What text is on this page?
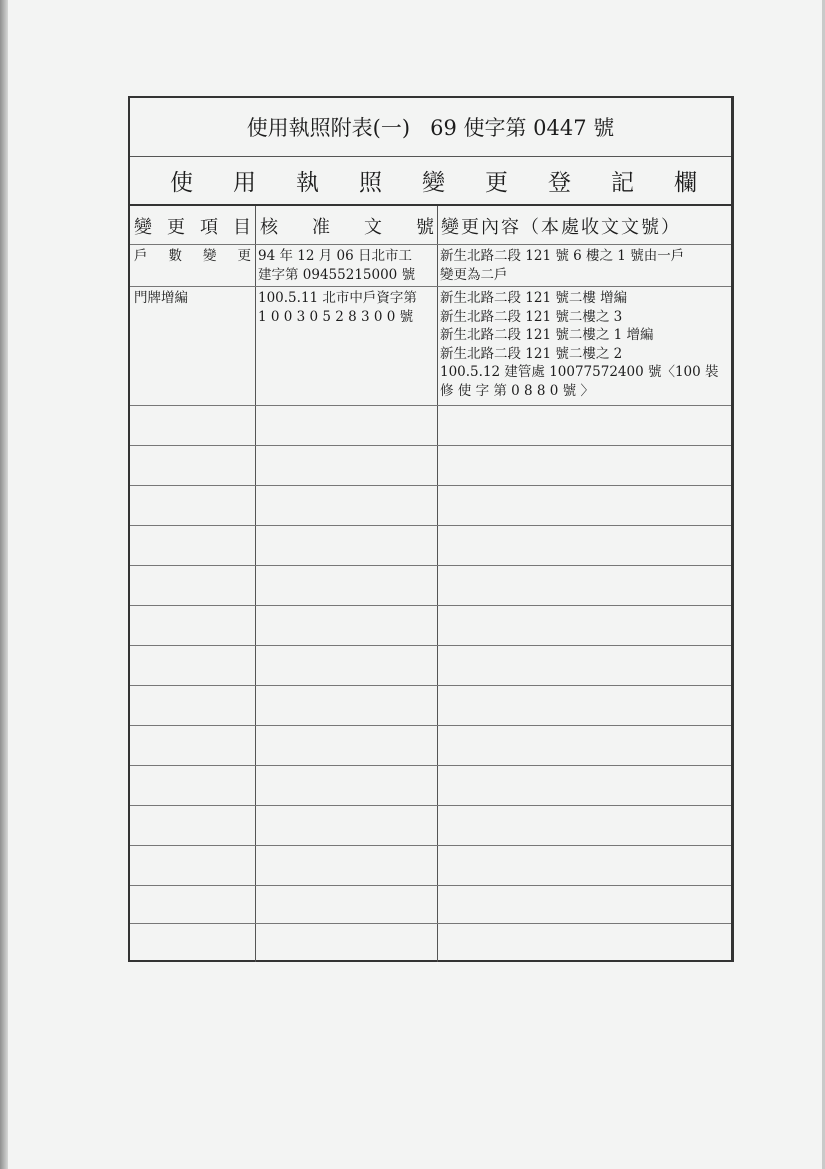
使用執照附表(一)   69 使字第 0447 號
使 用 執 照 變 更 登 記 欄
變 更 項 目 核 准 文 號 變更內容（本處收文文號）
戶 數 變 更 94 年 12 月 06 日北市工
建字第 09455215000 號
新生北路二段 121 號 6 樓之 1 號由一戶
變更為二戶
門牌增編	100.5.11 北市中戶資字第
1 0 0 3 0 5 2 8 3 0 0 號
新生北路二段 121 號二樓 增編
新生北路二段 121 號二樓之 3
新生北路二段 121 號二樓之 1 增編
新生北路二段 121 號二樓之 2
100.5.12 建管處 10077572400 號〈100 裝
修 使 字 第 0 8 8 0 號 〉
